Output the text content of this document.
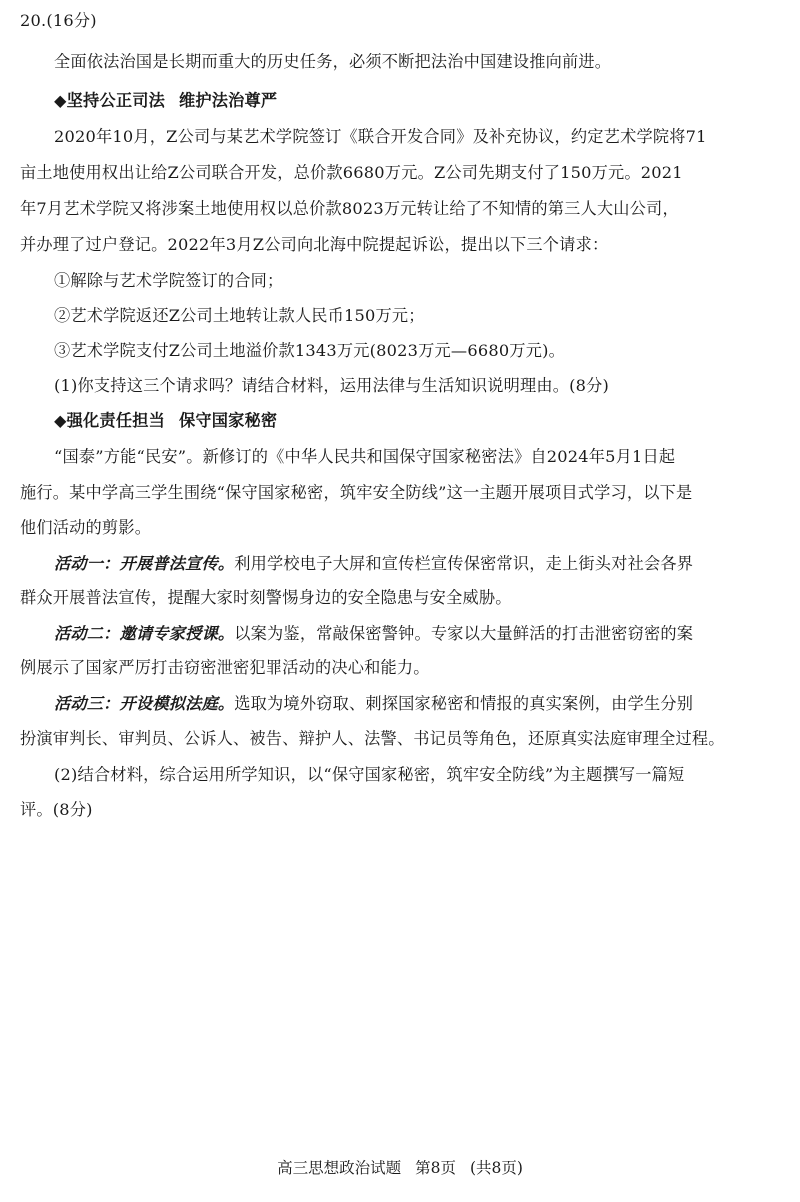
20.(16分)
全面依法治国是长期而重大的历史任务，必须不断把法治中国建设推向前进。
◆坚持公正司法 维护法治尊严
2020年10月，Z公司与某艺术学院签订《联合开发合同》及补充协议，约定艺术学院将71
亩土地使用权出让给Z公司联合开发，总价款6680万元。Z公司先期支付了150万元。2021
年7月艺术学院又将涉案土地使用权以总价款8023万元转让给了不知情的第三人大山公司，
并办理了过户登记。2022年3月Z公司向北海中院提起诉讼，提出以下三个请求：
①解除与艺术学院签订的合同；
②艺术学院返还Z公司土地转让款人民币150万元；
③艺术学院支付Z公司土地溢价款1343万元(8023万元—6680万元)。
(1)你支持这三个请求吗？请结合材料，运用法律与生活知识说明理由。(8分)
◆强化责任担当 保守国家秘密
“国泰”方能“民安”。新修订的《中华人民共和国保守国家秘密法》自2024年5月1日起
施行。某中学高三学生围绕“保守国家秘密，筑牢安全防线”这一主题开展项目式学习，以下是
他们活动的剪影。
活动一：开展普法宣传。利用学校电子大屏和宣传栏宣传保密常识，走上街头对社会各界
群众开展普法宣传，提醒大家时刻警惕身边的安全隐患与安全威胁。
活动二：邀请专家授课。以案为鉴，常敲保密警钟。专家以大量鲜活的打击泄密窃密的案
例展示了国家严厉打击窃密泄密犯罪活动的决心和能力。
活动三：开设模拟法庭。选取为境外窃取、刺探国家秘密和情报的真实案例，由学生分别
扮演审判长、审判员、公诉人、被告、辩护人、法警、书记员等角色，还原真实法庭审理全过程。
(2)结合材料，综合运用所学知识，以“保守国家秘密，筑牢安全防线”为主题撰写一篇短
评。(8分)
高三思想政治试题 第8页 (共8页)
